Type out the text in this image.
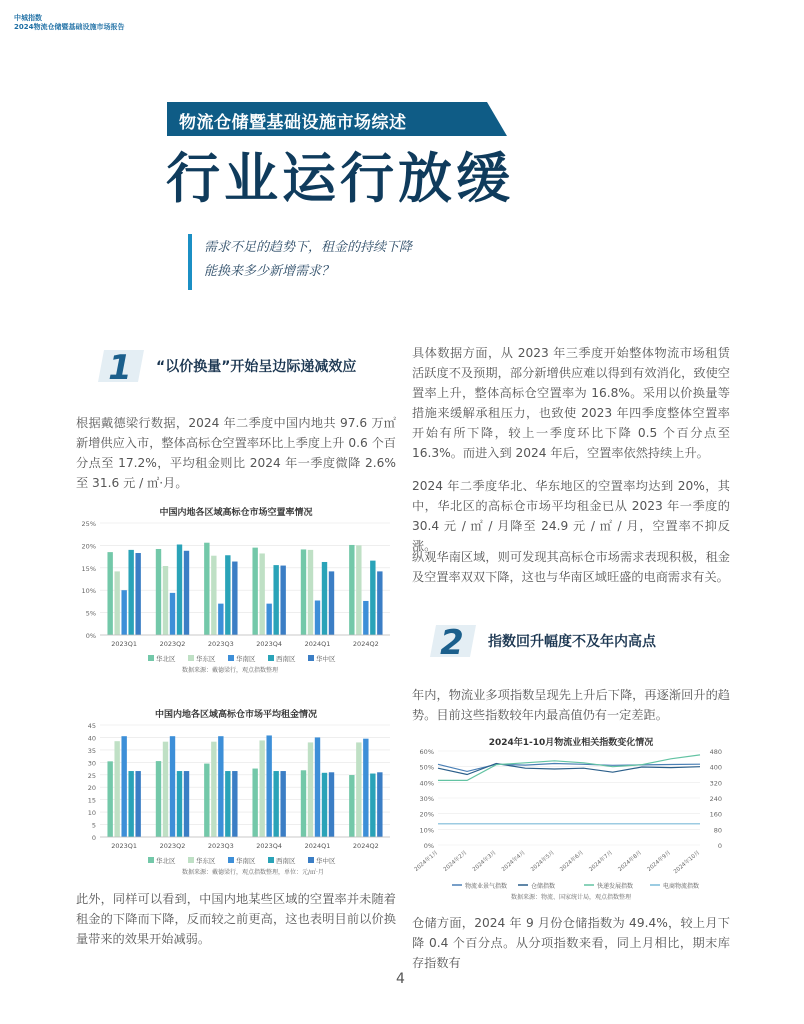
中城指数
2024物流仓储暨基础设施市场报告
物流仓储暨基础设施市场综述
行业运行放缓
需求不足的趋势下，租金的持续下降
能换来多少新增需求？
1 “以价换量”开始呈边际递减效应
根据戴德梁行数据，2024 年二季度中国内地共 97.6 万㎡新增供应入市，整体高标仓空置率环比上季度上升 0.6 个百分点至 17.2%，平均租金则比 2024 年一季度微降 2.6% 至 31.6 元 / ㎡·月。
中国内地各区域高标仓市场空置率情况
0%
5%
10%
15%
20%
25%
2023Q1	2023Q2	2023Q3	2023Q4	2024Q1	2024Q2
华北区	华东区	华南区	西南区	华中区
数据来源：戴德梁行，观点指数整理
中国内地各区域高标仓市场平均租金情况
0
5
10
15
20
25
30
35
40
45
2023Q1	2023Q2	2023Q3	2023Q4	2024Q1	2024Q2
华北区	华东区	华南区	西南区	华中区
数据来源：戴德梁行，观点指数整理，单位：元/㎡·月
此外，同样可以看到，中国内地某些区域的空置率并未随着租金的下降而下降，反而较之前更高，这也表明目前以价换量带来的效果开始减弱。
具体数据方面，从 2023 年三季度开始整体物流市场租赁活跃度不及预期，部分新增供应难以得到有效消化，致使空置率上升，整体高标仓空置率为 16.8%。采用以价换量等措施来缓解承租压力，也致使 2023 年四季度整体空置率开始有所下降，较上一季度环比下降 0.5 个百分点至 16.3%。而进入到 2024 年后，空置率依然持续上升。
2024 年二季度华北、华东地区的空置率均达到 20%，其中，华北区的高标仓市场平均租金已从 2023 年一季度的 30.4 元 / ㎡ / 月降至 24.9 元 / ㎡ / 月，空置率不抑反涨。
纵观华南区域，则可发现其高标仓市场需求表现积极，租金及空置率双双下降，这也与华南区域旺盛的电商需求有关。
2 指数回升幅度不及年内高点
年内，物流业多项指数呈现先上升后下降，再逐渐回升的趋势。目前这些指数较年内最高值仍有一定差距。
2024年1-10月物流业相关指数变化情况
0%	0
10%	80
20%	160
30%	240
40%	320
50%	400
60%	480
2024年1月 2024年2月 2024年3月 2024年4月 2024年5月 2024年6月 2024年7月 2024年8月 2024年9月 2024年10月
物流业景气指数	仓储指数	快递发展指数	电商物流指数
数据来源：物流、国家统计局，观点指数整理
仓储方面，2024 年 9 月份仓储指数为 49.4%，较上月下降 0.4 个百分点。从分项指数来看，同上月相比，期末库存指数有
4
